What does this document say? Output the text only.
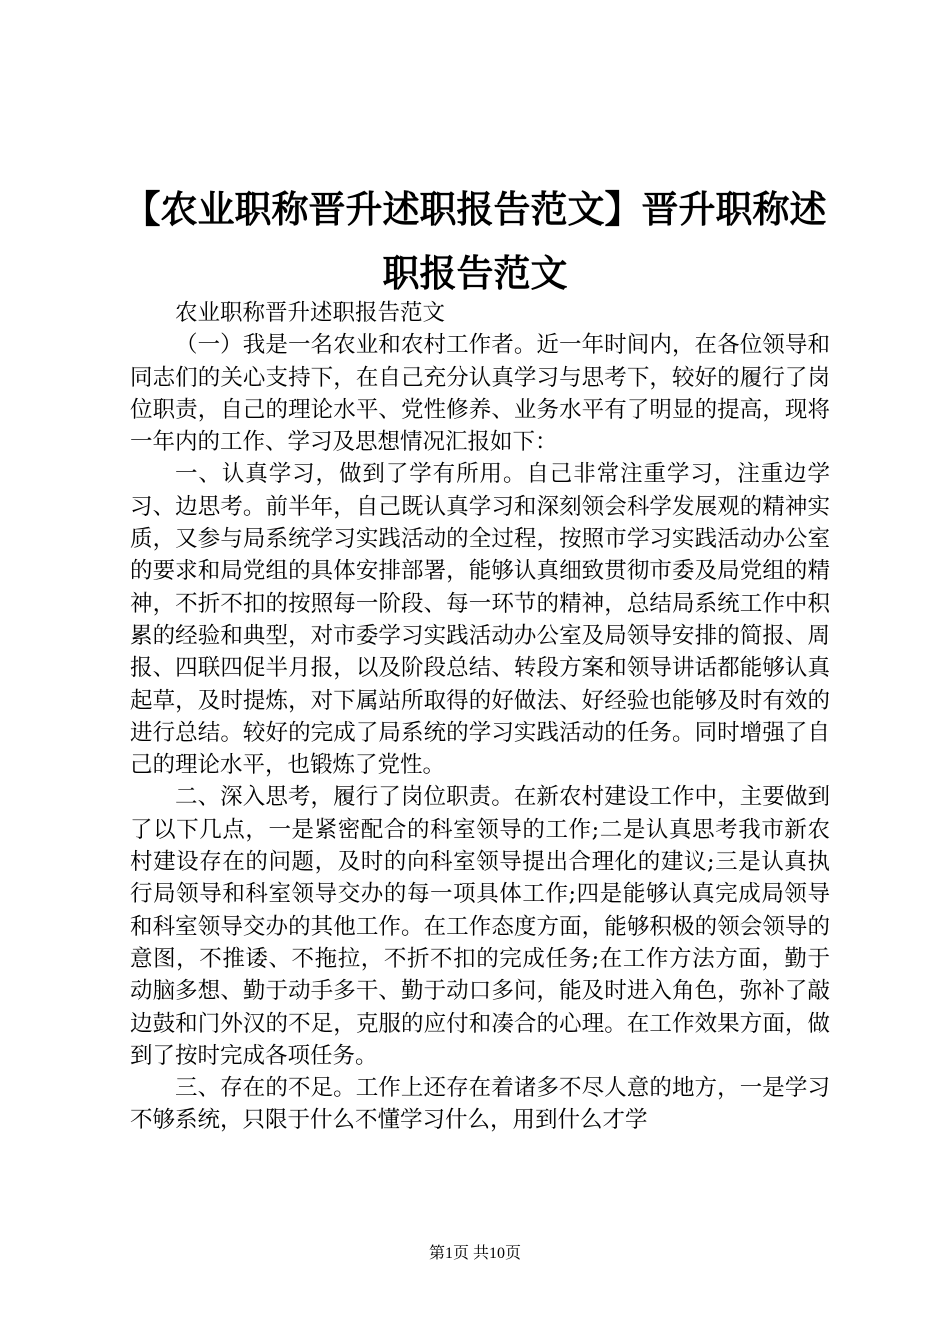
【农业职称晋升述职报告范文】晋升职称述职报告范文

农业职称晋升述职报告范文

（一）我是一名农业和农村工作者。近一年时间内，在各位领导和同志们的关心支持下，在自己充分认真学习与思考下，较好的履行了岗位职责，自己的理论水平、党性修养、业务水平有了明显的提高，现将一年内的工作、学习及思想情况汇报如下：

一、认真学习，做到了学有所用。自己非常注重学习，注重边学习、边思考。前半年，自己既认真学习和深刻领会科学发展观的精神实质，又参与局系统学习实践活动的全过程，按照市学习实践活动办公室的要求和局党组的具体安排部署，能够认真细致贯彻市委及局党组的精神，不折不扣的按照每一阶段、每一环节的精神，总结局系统工作中积累的经验和典型，对市委学习实践活动办公室及局领导安排的简报、周报、四联四促半月报，以及阶段总结、转段方案和领导讲话都能够认真起草，及时提炼，对下属站所取得的好做法、好经验也能够及时有效的进行总结。较好的完成了局系统的学习实践活动的任务。同时增强了自己的理论水平，也锻炼了党性。

二、深入思考，履行了岗位职责。在新农村建设工作中，主要做到了以下几点，一是紧密配合的科室领导的工作;二是认真思考我市新农村建设存在的问题，及时的向科室领导提出合理化的建议;三是认真执行局领导和科室领导交办的每一项具体工作;四是能够认真完成局领导和科室领导交办的其他工作。在工作态度方面，能够积极的领会领导的意图，不推诿、不拖拉，不折不扣的完成任务;在工作方法方面，勤于动脑多想、勤于动手多干、勤于动口多问，能及时进入角色，弥补了敲边鼓和门外汉的不足，克服的应付和凑合的心理。在工作效果方面，做到了按时完成各项任务。

三、存在的不足。工作上还存在着诸多不尽人意的地方，一是学习不够系统，只限于什么不懂学习什么，用到什么才学

第1页 共10页
